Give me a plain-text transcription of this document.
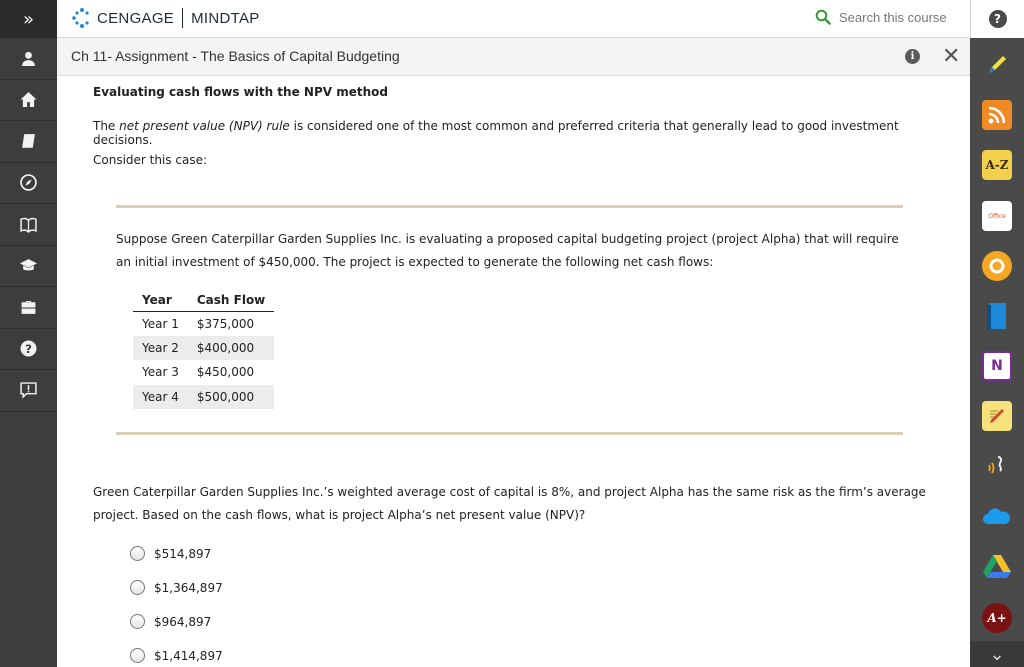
»
?
CENGAGE MINDTAP	Search this course	?
Ch 11- Assignment - The Basics of Capital Budgeting	i ✕
A-Z
Office
N
A+
⌄
Evaluating cash flows with the NPV method
The net present value (NPV) rule is considered one of the most common and preferred criteria that generally lead to good investment decisions.
Consider this case:
Suppose Green Caterpillar Garden Supplies Inc. is evaluating a proposed capital budgeting project (project Alpha) that will require an initial investment of $450,000. The project is expected to generate the following net cash flows:
Year	Cash Flow
Year 1	$375,000
Year 2	$400,000
Year 3	$450,000
Year 4	$500,000
Green Caterpillar Garden Supplies Inc.’s weighted average cost of capital is 8%, and project Alpha has the same risk as the firm’s average project. Based on the cash flows, what is project Alpha’s net present value (NPV)?
$514,897
$1,364,897
$964,897
$1,414,897
